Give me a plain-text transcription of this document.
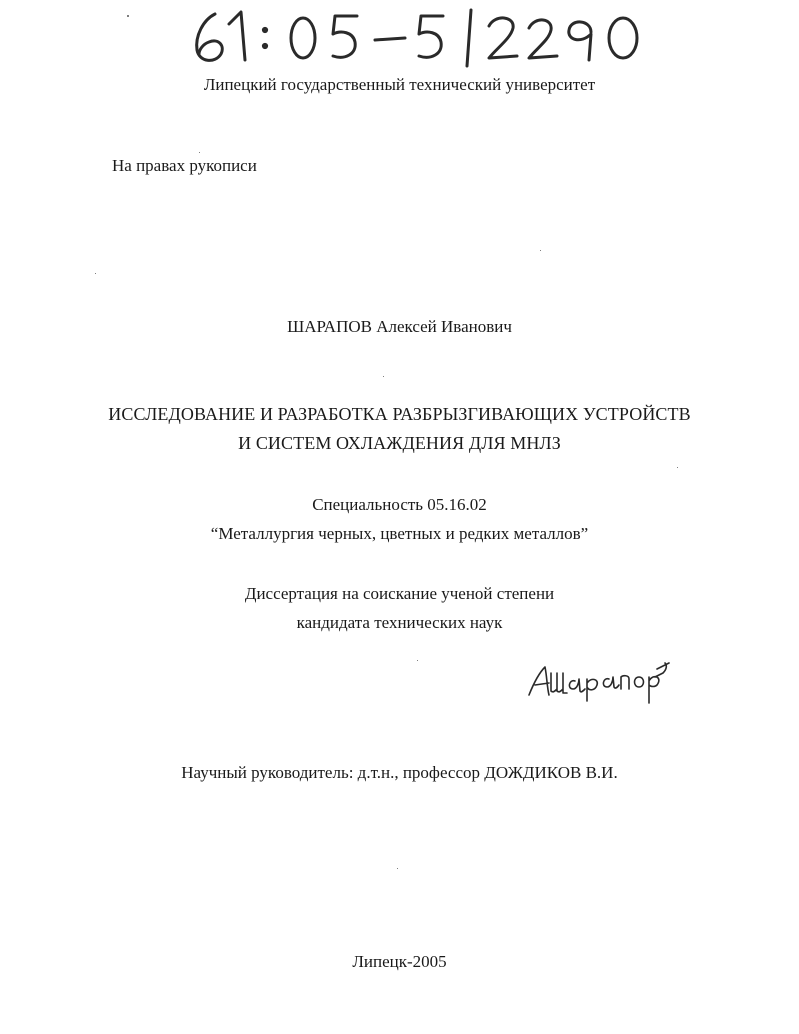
Липецкий государственный технический университет
На правах рукописи
ШАРАПОВ Алексей Иванович
ИССЛЕДОВАНИЕ И РАЗРАБОТКА РАЗБРЫЗГИВАЮЩИХ УСТРОЙСТВ
И СИСТЕМ ОХЛАЖДЕНИЯ ДЛЯ МНЛЗ
Специальность 05.16.02
“Металлургия черных, цветных и редких металлов”
Диссертация на соискание ученой степени
кандидата технических наук
Научный руководитель: д.т.н., профессор ДОЖДИКОВ В.И.
Липецк-2005
